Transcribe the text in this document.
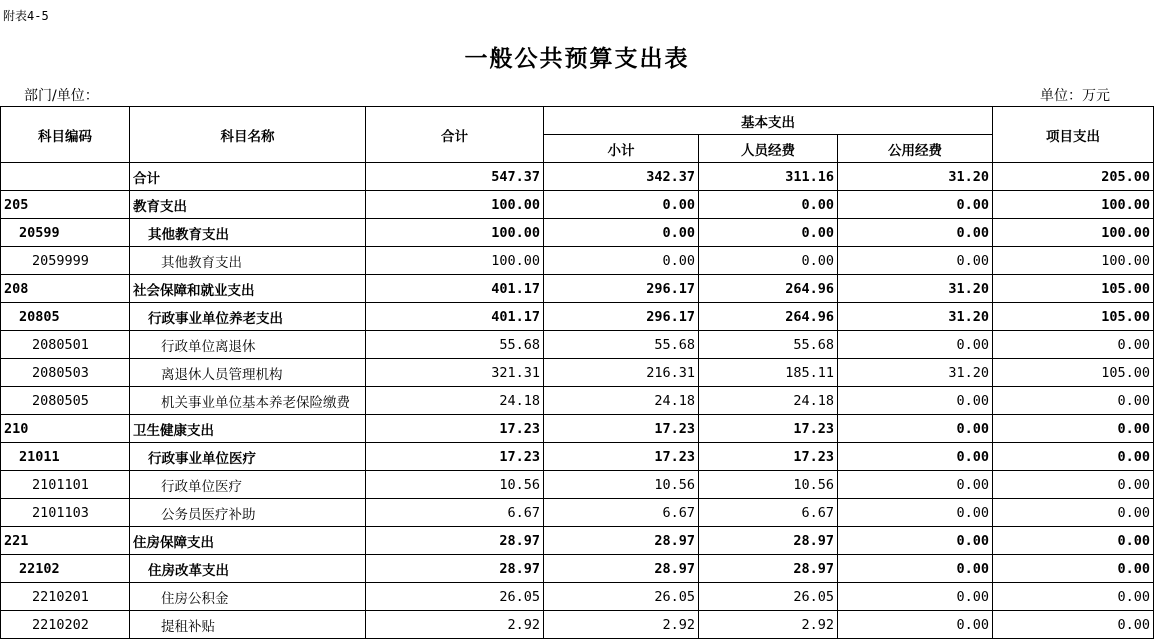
附表4-5
一般公共预算支出表
部门/单位：	单位：万元
科目编码	科目名称	合计	基本支出			项目支出
			小计	人员经费	公用经费	
	合计	547.37	342.37	311.16	31.20	205.00
205	教育支出	100.00	0.00	0.00	0.00	100.00
20599	其他教育支出	100.00	0.00	0.00	0.00	100.00
2059999	其他教育支出	100.00	0.00	0.00	0.00	100.00
208	社会保障和就业支出	401.17	296.17	264.96	31.20	105.00
20805	行政事业单位养老支出	401.17	296.17	264.96	31.20	105.00
2080501	行政单位离退休	55.68	55.68	55.68	0.00	0.00
2080503	离退休人员管理机构	321.31	216.31	185.11	31.20	105.00
2080505	机关事业单位基本养老保险缴费	24.18	24.18	24.18	0.00	0.00
210	卫生健康支出	17.23	17.23	17.23	0.00	0.00
21011	行政事业单位医疗	17.23	17.23	17.23	0.00	0.00
2101101	行政单位医疗	10.56	10.56	10.56	0.00	0.00
2101103	公务员医疗补助	6.67	6.67	6.67	0.00	0.00
221	住房保障支出	28.97	28.97	28.97	0.00	0.00
22102	住房改革支出	28.97	28.97	28.97	0.00	0.00
2210201	住房公积金	26.05	26.05	26.05	0.00	0.00
2210202	提租补贴	2.92	2.92	2.92	0.00	0.00
